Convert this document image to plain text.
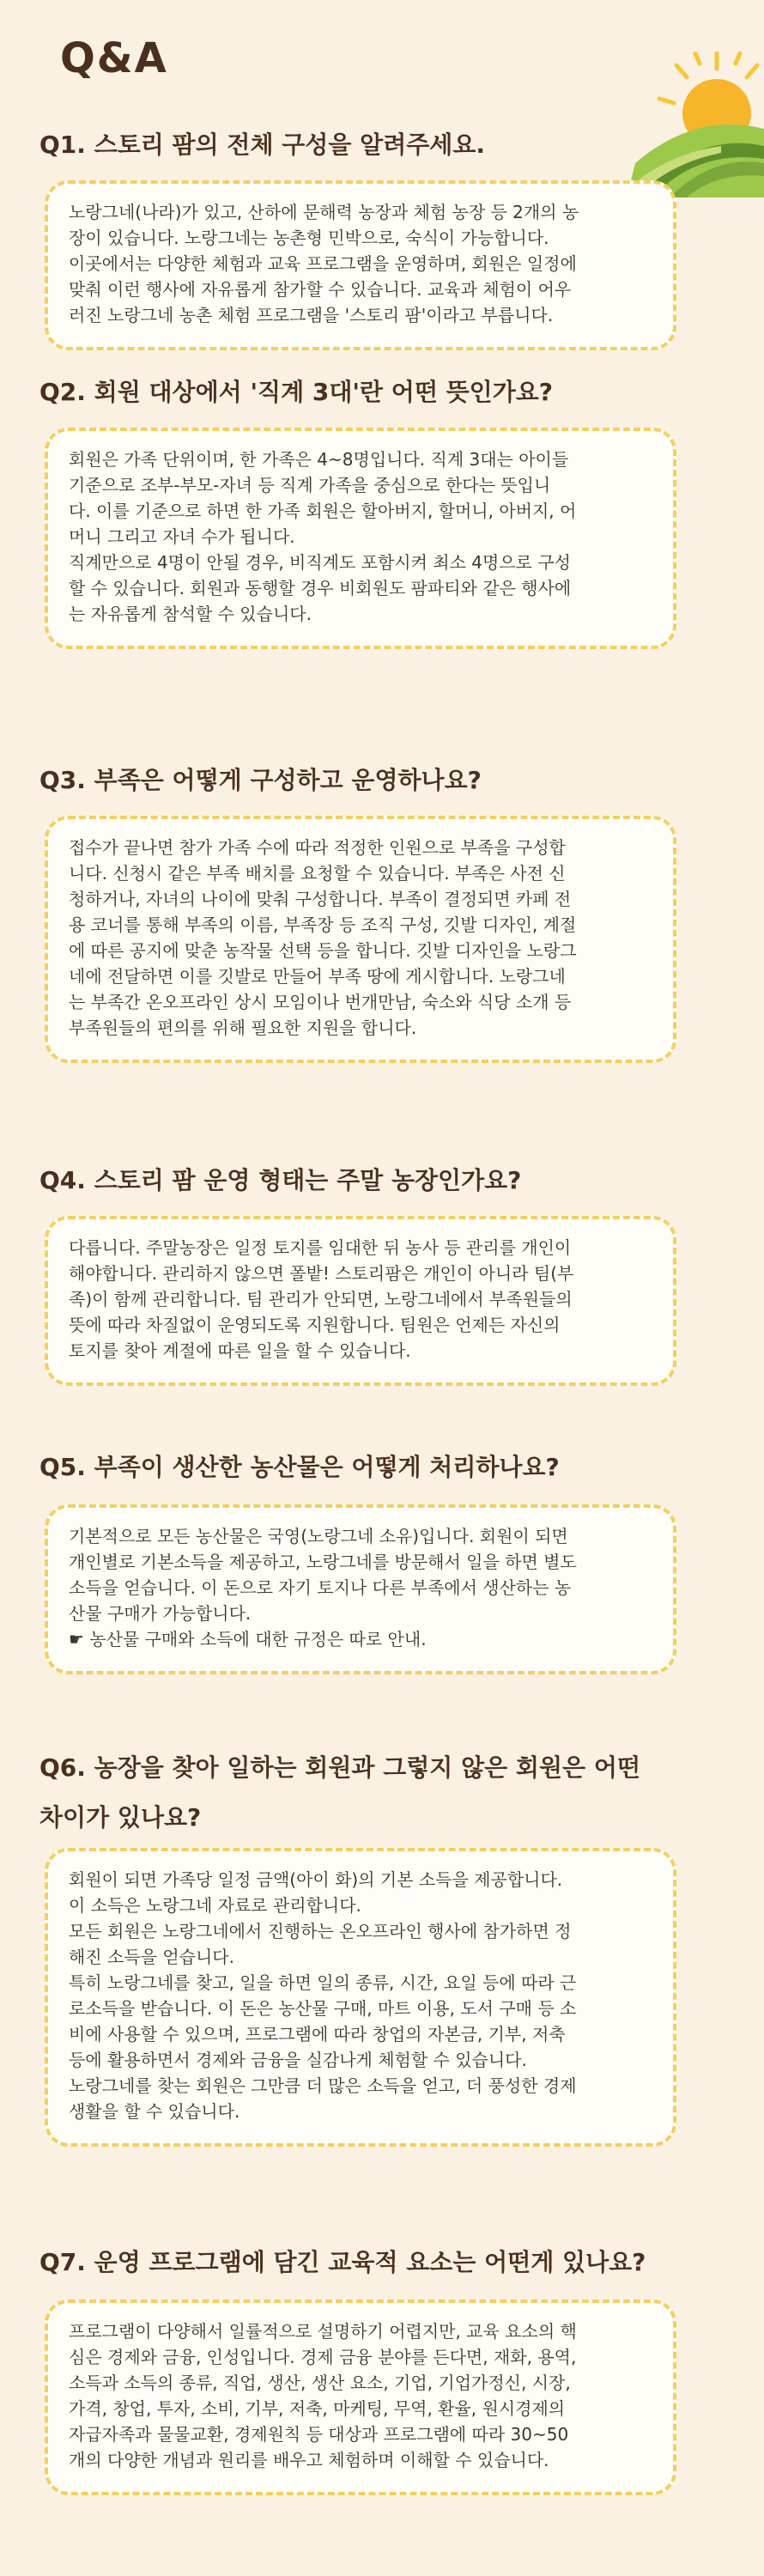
Q&A
Q1. 스토리 팜의 전체 구성을 알려주세요.
노랑그네(나라)가 있고, 산하에 문해력 농장과 체험 농장 등 2개의 농
장이 있습니다. 노랑그네는 농촌형 민박으로, 숙식이 가능합니다.
이곳에서는 다양한 체험과 교육 프로그램을 운영하며, 회원은 일정에
맞춰 이런 행사에 자유롭게 참가할 수 있습니다. 교육과 체험이 어우
러진 노랑그네 농촌 체험 프로그램을 '스토리 팜'이라고 부릅니다.
Q2. 회원 대상에서 '직계 3대'란 어떤 뜻인가요?
회원은 가족 단위이며, 한 가족은 4~8명입니다. 직계 3대는 아이들
기준으로 조부-부모-자녀 등 직계 가족을 중심으로 한다는 뜻입니
다. 이를 기준으로 하면 한 가족 회원은 할아버지, 할머니, 아버지, 어
머니 그리고 자녀 수가 됩니다.
직계만으로 4명이 안될 경우, 비직계도 포함시켜 최소 4명으로 구성
할 수 있습니다. 회원과 동행할 경우 비회원도 팜파티와 같은 행사에
는 자유롭게 참석할 수 있습니다.
Q3. 부족은 어떻게 구성하고 운영하나요?
접수가 끝나면 참가 가족 수에 따라 적정한 인원으로 부족을 구성합
니다. 신청시 같은 부족 배치를 요청할 수 있습니다. 부족은 사전 신
청하거나, 자녀의 나이에 맞춰 구성합니다. 부족이 결정되면 카페 전
용 코너를 통해 부족의 이름, 부족장 등 조직 구성, 깃발 디자인, 계절
에 따른 공지에 맞춘 농작물 선택 등을 합니다. 깃발 디자인을 노랑그
네에 전달하면 이를 깃발로 만들어 부족 땅에 게시합니다. 노랑그네
는 부족간 온오프라인 상시 모임이나 번개만남, 숙소와 식당 소개 등
부족원들의 편의를 위해 필요한 지원을 합니다.
Q4. 스토리 팜 운영 형태는 주말 농장인가요?
다릅니다. 주말농장은 일정 토지를 임대한 뒤 농사 등 관리를 개인이
해야합니다. 관리하지 않으면 폴밭! 스토리팜은 개인이 아니라 팀(부
족)이 함께 관리합니다. 팀 관리가 안되면, 노랑그네에서 부족원들의
뜻에 따라 차질없이 운영되도록 지원합니다. 팀원은 언제든 자신의
토지를 찾아 계절에 따른 일을 할 수 있습니다.
Q5. 부족이 생산한 농산물은 어떻게 처리하나요?
기본적으로 모든 농산물은 국영(노랑그네 소유)입니다. 회원이 되면
개인별로 기본소득을 제공하고, 노랑그네를 방문해서 일을 하면 별도
소득을 얻습니다. 이 돈으로 자기 토지나 다른 부족에서 생산하는 농
산물 구매가 가능합니다.
☛ 농산물 구매와 소득에 대한 규정은 따로 안내.
Q6. 농장을 찾아 일하는 회원과 그렇지 않은 회원은 어떤
차이가 있나요?
회원이 되면 가족당 일정 금액(아이 화)의 기본 소득을 제공합니다.
이 소득은 노랑그네 자료로 관리합니다.
모든 회원은 노랑그네에서 진행하는 온오프라인 행사에 참가하면 정
해진 소득을 얻습니다.
특히 노랑그네를 찾고, 일을 하면 일의 종류, 시간, 요일 등에 따라 근
로소득을 받습니다. 이 돈은 농산물 구매, 마트 이용, 도서 구매 등 소
비에 사용할 수 있으며, 프로그램에 따라 창업의 자본금, 기부, 저축
등에 활용하면서 경제와 금융을 실감나게 체험할 수 있습니다.
노랑그네를 찾는 회원은 그만큼 더 많은 소득을 얻고, 더 풍성한 경제
생활을 할 수 있습니다.
Q7. 운영 프로그램에 담긴 교육적 요소는 어떤게 있나요?
프로그램이 다양해서 일률적으로 설명하기 어렵지만, 교육 요소의 핵
심은 경제와 금융, 인성입니다. 경제 금융 분야를 든다면, 재화, 용역,
소득과 소득의 종류, 직업, 생산, 생산 요소, 기업, 기업가정신, 시장,
가격, 창업, 투자, 소비, 기부, 저축, 마케팅, 무역, 환율, 원시경제의
자급자족과 물물교환, 경제원칙 등 대상과 프로그램에 따라 30~50
개의 다양한 개념과 원리를 배우고 체험하며 이해할 수 있습니다.
